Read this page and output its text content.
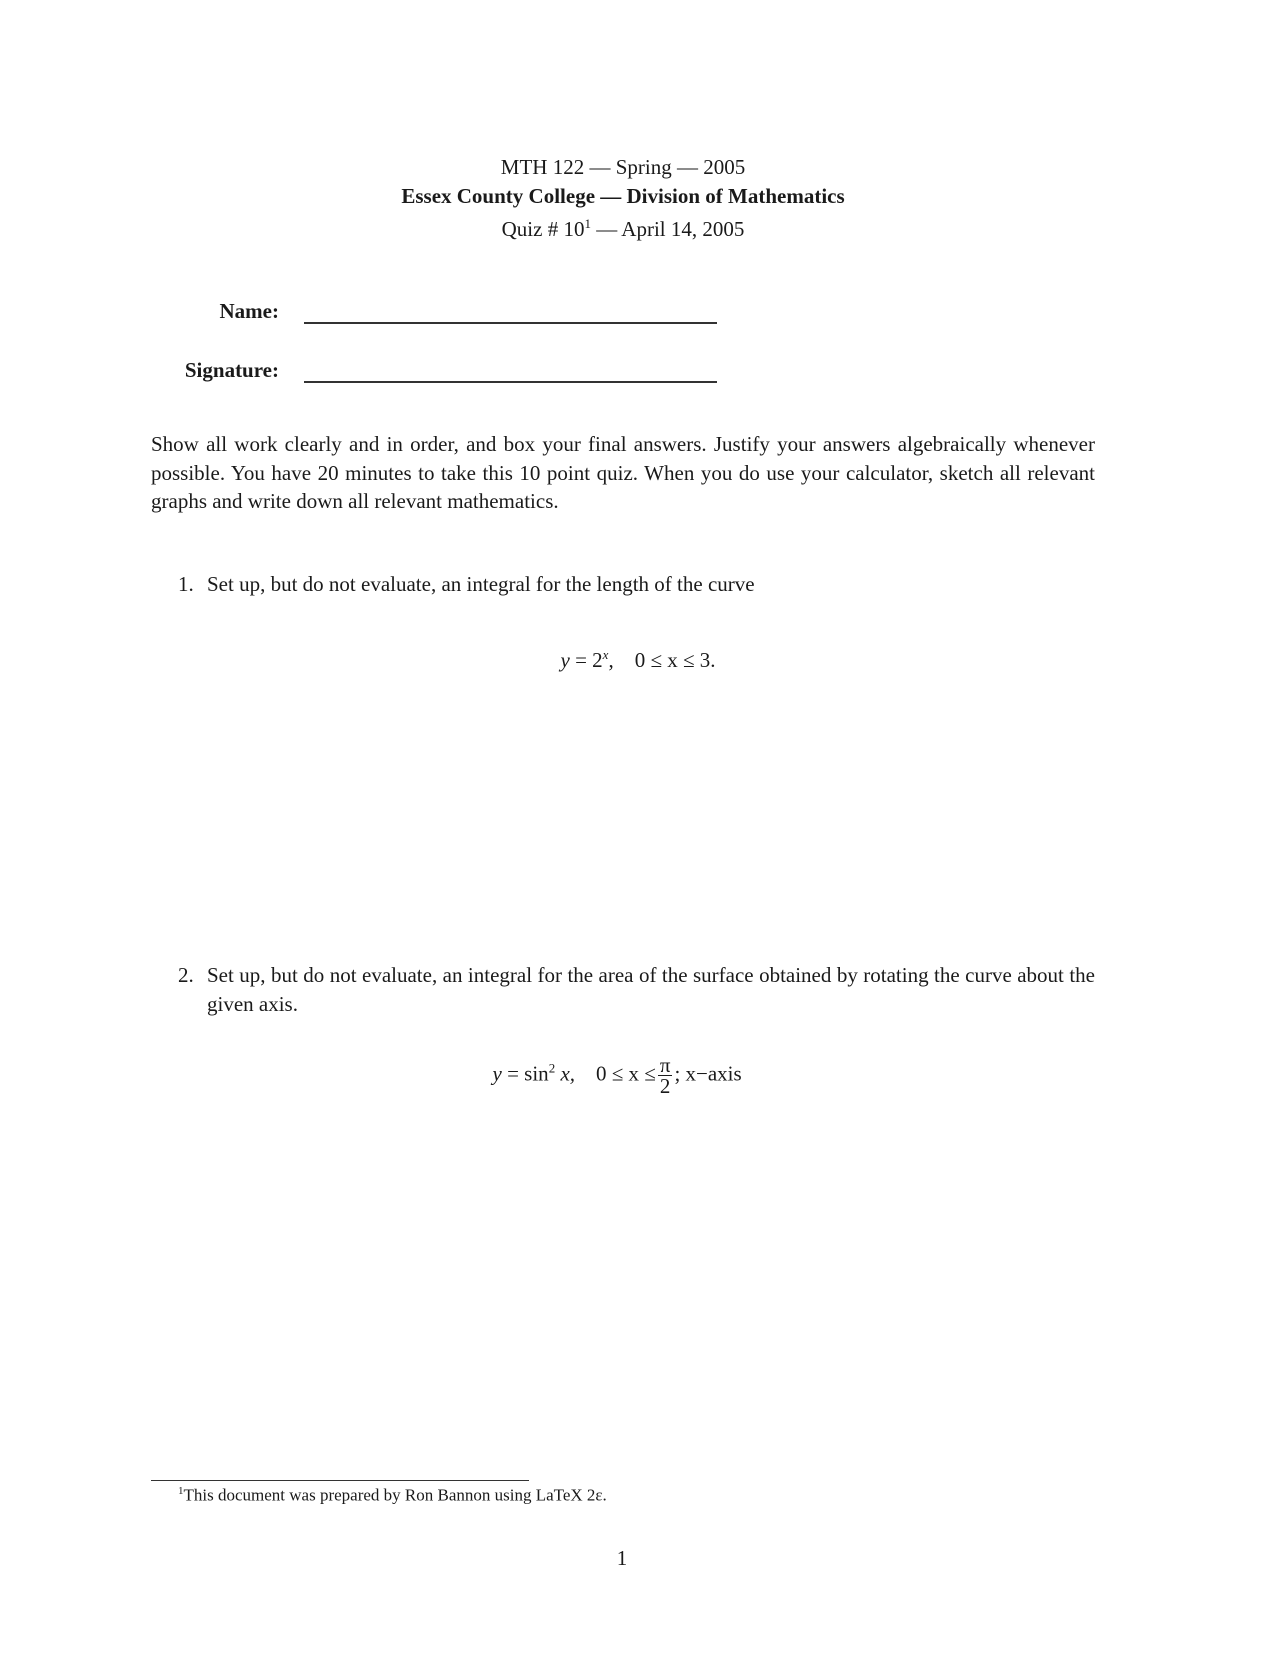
MTH 122 — Spring — 2005
Essex County College — Division of Mathematics
Quiz # $10^1$ — April 14, 2005
Name:
Signature:
Show all work clearly and in order, and box your final answers. Justify your answers algebraically whenever possible. You have 20 minutes to take this 10 point quiz. When you do use your calculator, sketch all relevant graphs and write down all relevant mathematics.
1. Set up, but do not evaluate, an integral for the length of the curve

$y = 2^x$,    0 ≤ x ≤ 3.

2. Set up, but do not evaluate, an integral for the area of the surface obtained by rotating the curve about the given axis.

$y = \sin^2 x$, $0 \le x \le \frac{\pi}{2}$ ; x−axis

$^1$This document was prepared by Ron Bannon using LaTeX 2ε.
1
